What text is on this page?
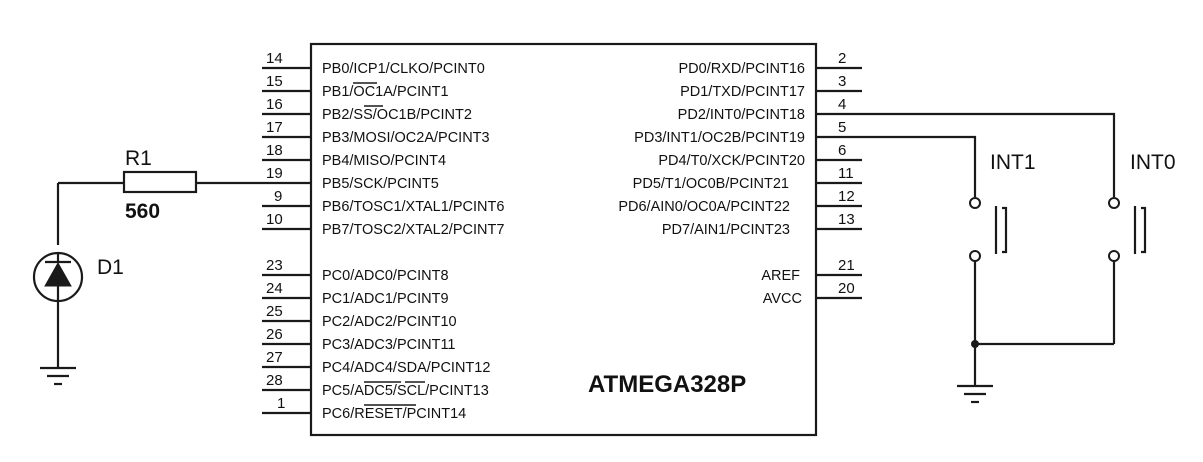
ATMEGA328P
14
PB0/ICP1/CLKO/PCINT0
15
PB1/OC1A/PCINT1
16
PB2/SS/OC1B/PCINT2
17
PB3/MOSI/OC2A/PCINT3
18
PB4/MISO/PCINT4
19
PB5/SCK/PCINT5
9
PB6/TOSC1/XTAL1/PCINT6
10
PB7/TOSC2/XTAL2/PCINT7
23
PC0/ADC0/PCINT8
24
PC1/ADC1/PCINT9
25
PC2/ADC2/PCINT10
26
PC3/ADC3/PCINT11
27
PC4/ADC4/SDA/PCINT12
28
PC5/ADC5/SCL/PCINT13
1
PC6/RESET/PCINT14
2
PD0/RXD/PCINT16
3
PD1/TXD/PCINT17
4
PD2/INT0/PCINT18
5
PD3/INT1/OC2B/PCINT19
6
PD4/T0/XCK/PCINT20
11
PD5/T1/OC0B/PCINT21
12
PD6/AIN0/OC0A/PCINT22
13
PD7/AIN1/PCINT23
21
AREF
20
AVCC
R1
560
D1
INT1	INT0
